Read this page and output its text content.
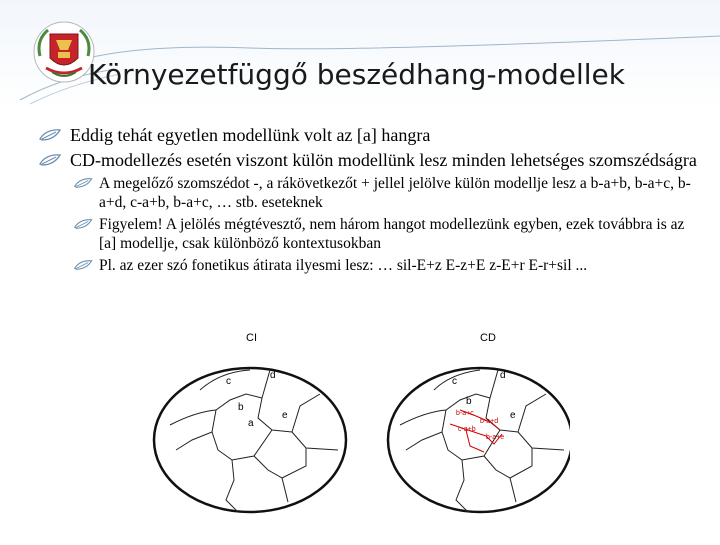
Környezetfüggő beszédhang-modellek
Eddig tehát egyetlen modellünk volt az [a] hangra
CD-modellezés esetén viszont külön modellünk lesz minden lehetséges szomszédságra
A megelőző szomszédot -, a rákövetkezőt + jellel jelölve külön modellje lesz a b-a+b, b-a+c, b-a+d, c-a+b, b-a+c, … stb. eseteknek
Figyelem! A jelölés mégtévesztő, nem három hangot modellezünk egyben, ezek továbbra is az [a] modellje, csak különböző kontextusokban
Pl. az ezer szó fonetikus átirata ilyesmi lesz: … sil-E+z E-z+E z-E+r E-r+sil ...
CI	CD
c
d
b
e
a
c
d
b
e
b-a+c
b-a+d
c-a+b
b-a+e
